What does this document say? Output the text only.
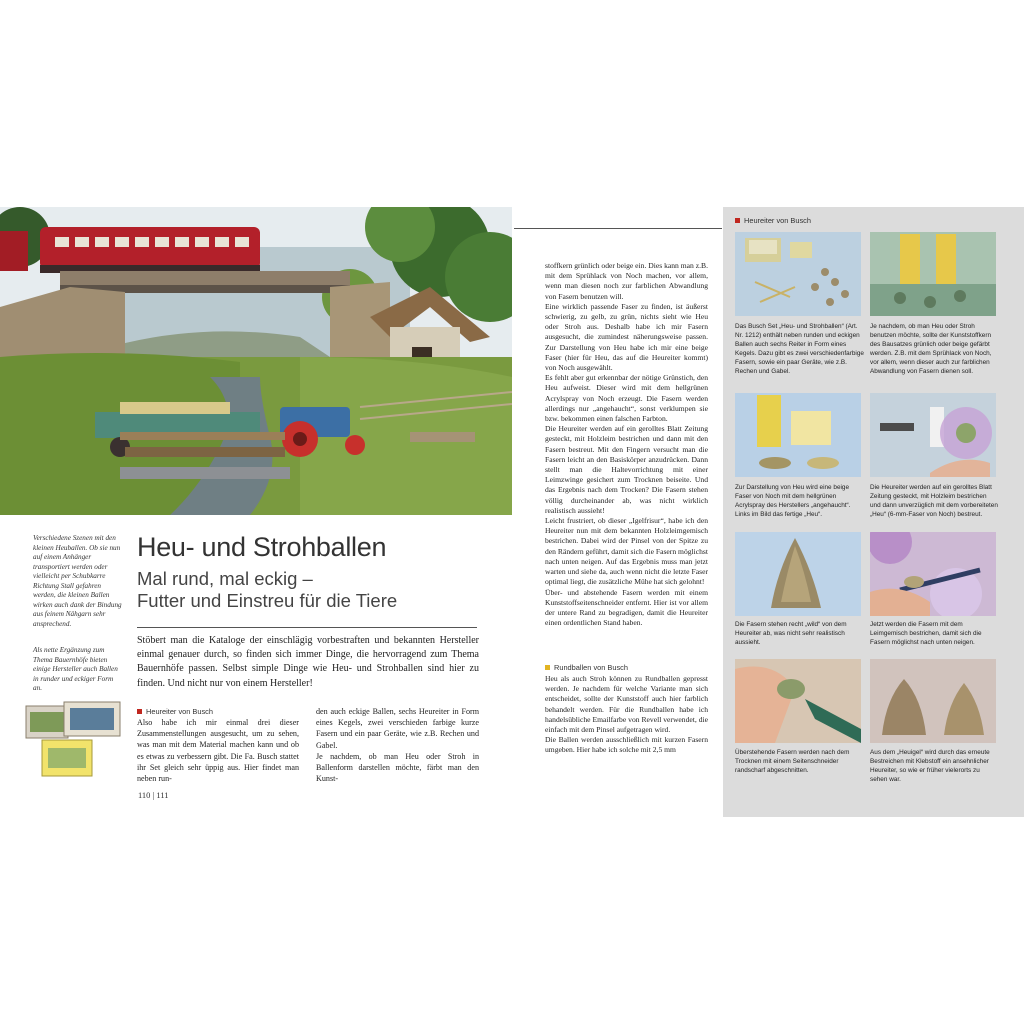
Verschiedene Szenen mit den kleinen Heuballen. Ob sie nun auf einem Anhänger transportiert werden oder vielleicht per Schubkarre Richtung Stall gefahren werden, die kleinen Ballen wirken auch dank der Bindung aus feinem Nähgarn sehr ansprechend.
Als nette Ergänzung zum Thema Bauernhöfe bieten einige Hersteller auch Ballen in runder und eckiger Form an.
Heu- und Strohballen
Mal rund, mal eckig –
Futter und Einstreu für die Tiere
Stöbert man die Kataloge der einschlägig vorbestraften und bekannten Hersteller einmal genauer durch, so finden sich immer Dinge, die hervorragend zum Thema Bauernhöfe passen. Selbst simple Dinge wie Heu- und Strohballen sind hier zu finden. Und nicht nur von einem Hersteller!
Heureiter von Busch
Also habe ich mir einmal drei dieser Zusammenstellungen ausgesucht, um zu sehen, was man mit dem Material machen kann und ob es etwas zu verbessern gibt. Die Fa. Busch stattet ihr Set gleich sehr üppig aus. Hier findet man neben run-
den auch eckige Ballen, sechs Heureiter in Form eines Kegels, zwei verschieden farbige kurze Fasern und ein paar Geräte, wie z.B. Rechen und Gabel.
Je nachdem, ob man Heu oder Stroh in Ballenform darstellen möchte, färbt man den Kunst-
110 | 111
stoffkern grünlich oder beige ein. Dies kann man z.B. mit dem Sprühlack von Noch machen, vor allem, wenn man diesen noch zur farblichen Abwandlung von Fasern benutzen will.
Eine wirklich passende Faser zu finden, ist äußerst schwierig, zu gelb, zu grün, nichts sieht wie Heu oder Stroh aus. Deshalb habe ich mir Fasern ausgesucht, die zumindest näherungsweise passen. Zur Darstellung von Heu habe ich mir eine beige Faser (hier für Heu, das auf die Heureiter kommt) von Noch ausgewählt.
Es fehlt aber gut erkennbar der nötige Grünstich, den Heu aufweist. Dieser wird mit dem hellgrünen Acrylspray von Noch erzeugt. Die Fasern werden allerdings nur „angehaucht“, sonst verklumpen sie bzw. bekommen einen falschen Farbton.
Die Heureiter werden auf ein gerolltes Blatt Zeitung gesteckt, mit Holzleim bestrichen und dann mit den Fasern bestreut. Mit den Fingern versucht man die Fasern leicht an den Basiskörper anzudrücken. Dann stellt man die Haltevorrichtung mit einer Leimzwinge gesichert zum Trocknen beiseite. Und das Ergebnis nach dem Trocken? Die Fasern stehen völlig durcheinander ab, was nicht wirklich realistisch aussieht!
Leicht frustriert, ob dieser „Igelfrisur“, habe ich den Heureiter nun mit dem bekannten Holzleimgemisch bestrichen. Dabei wird der Pinsel von der Spitze zu den Rändern geführt, damit sich die Fasern möglichst nach unten neigen. Auf das Ergebnis muss man jetzt warten und siehe da, auch wenn nicht die letzte Faser optimal liegt, die zusätzliche Mühe hat sich gelohnt!
Über- und abstehende Fasern werden mit einem Kunststoffseitenschneider entfernt. Hier ist vor allem der untere Rand zu begradigen, damit die Heureiter einen ordentlichen Stand haben.
Rundballen von Busch
Heu als auch Stroh können zu Rundballen gepresst werden. Je nachdem für welche Variante man sich entscheidet, sollte der Kunststoff auch hier farblich behandelt werden. Für die Rundballen habe ich handelsübliche Emailfarbe von Revell verwendet, die einfach mit dem Pinsel aufgetragen wird.
Die Ballen werden ausschließlich mit kurzen Fasern umgeben. Hier habe ich solche mit 2,5 mm
Heureiter von Busch
Das Busch Set „Heu- und Strohballen“ (Art. Nr. 1212) enthält neben runden und eckigen Ballen auch sechs Reiter in Form eines Kegels. Dazu gibt es zwei verschiedenfarbige Fasern, sowie ein paar Geräte, wie z.B. Rechen und Gabel.
Je nachdem, ob man Heu oder Stroh benutzen möchte, sollte der Kunststoffkern des Bausatzes grünlich oder beige gefärbt werden. Z.B. mit dem Sprühlack von Noch, vor allem, wenn dieser auch zur farblichen Abwandlung von Fasern dienen soll.
Zur Darstellung von Heu wird eine beige Faser von Noch mit dem hellgrünen Acrylspray des Herstellers „angehaucht“. Links im Bild das fertige „Heu“.
Die Heureiter werden auf ein gerolltes Blatt Zeitung gesteckt, mit Holzleim bestrichen und dann unverzüglich mit dem vorbereiteten „Heu“ (6-mm-Faser von Noch) bestreut.
Die Fasern stehen recht „wild“ von dem Heureiter ab, was nicht sehr realistisch aussieht.
Jetzt werden die Fasern mit dem Leimgemisch bestrichen, damit sich die Fasern möglichst nach unten neigen.
Überstehende Fasern werden nach dem Trocknen mit einem Seitenschneider randscharf abgeschnitten.
Aus dem „Heuigel“ wird durch das erneute Bestreichen mit Klebstoff ein ansehnlicher Heureiter, so wie er früher vielerorts zu sehen war.
